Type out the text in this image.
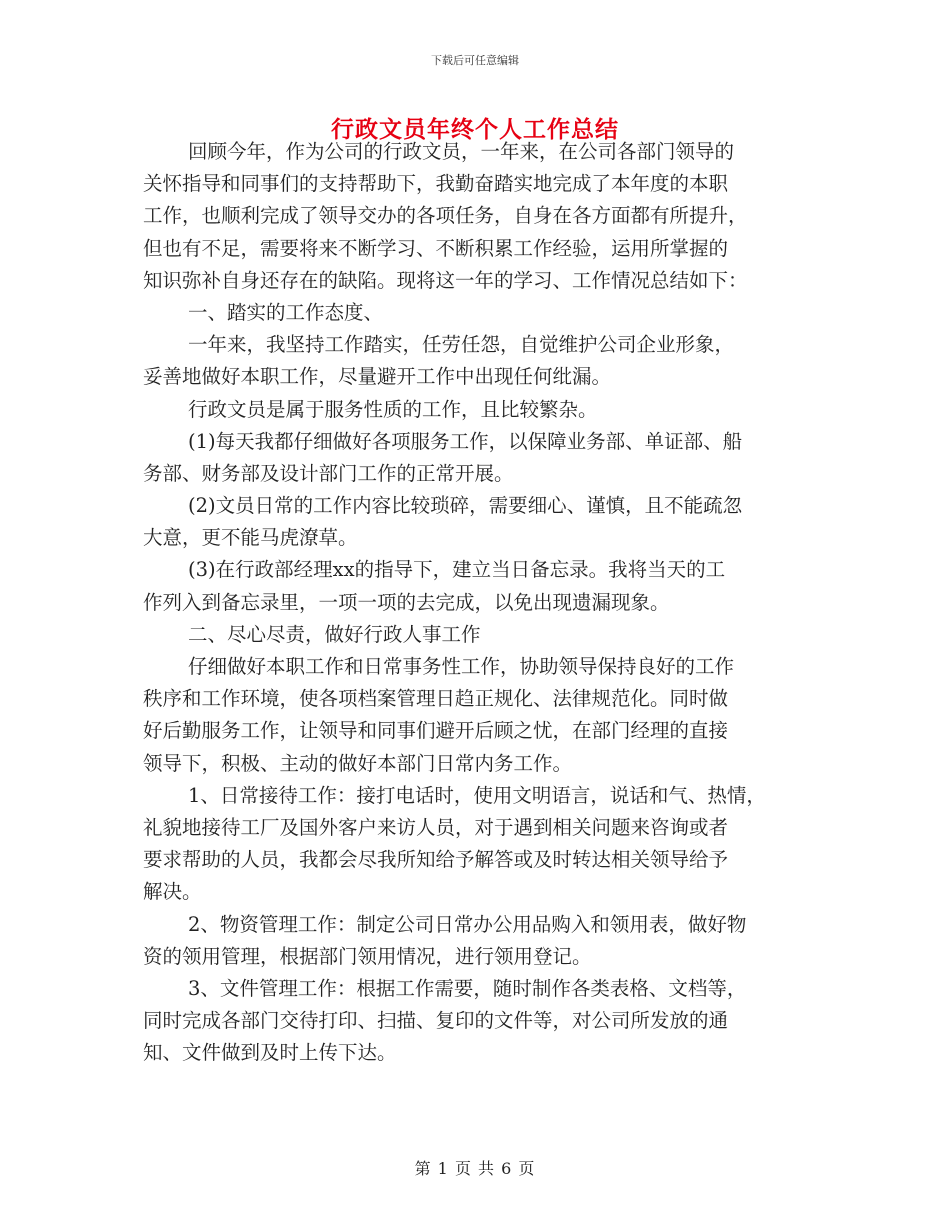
下载后可任意编辑
行政文员年终个人工作总结
回顾今年，作为公司的行政文员，一年来，在公司各部门领导的
关怀指导和同事们的支持帮助下，我勤奋踏实地完成了本年度的本职
工作，也顺利完成了领导交办的各项任务，自身在各方面都有所提升，
但也有不足，需要将来不断学习、不断积累工作经验，运用所掌握的
知识弥补自身还存在的缺陷。现将这一年的学习、工作情况总结如下：
一、踏实的工作态度、
一年来，我坚持工作踏实，任劳任怨，自觉维护公司企业形象，
妥善地做好本职工作，尽量避开工作中出现任何纰漏。
行政文员是属于服务性质的工作，且比较繁杂。
(1)每天我都仔细做好各项服务工作，以保障业务部、单证部、船
务部、财务部及设计部门工作的正常开展。
(2)文员日常的工作内容比较琐碎，需要细心、谨慎，且不能疏忽
大意，更不能马虎潦草。
(3)在行政部经理xx的指导下，建立当日备忘录。我将当天的工
作列入到备忘录里，一项一项的去完成，以免出现遗漏现象。
二、尽心尽责，做好行政人事工作
仔细做好本职工作和日常事务性工作，协助领导保持良好的工作
秩序和工作环境，使各项档案管理日趋正规化、法律规范化。同时做
好后勤服务工作，让领导和同事们避开后顾之忧，在部门经理的直接
领导下，积极、主动的做好本部门日常内务工作。
1、日常接待工作：接打电话时，使用文明语言，说话和气、热情，
礼貌地接待工厂及国外客户来访人员，对于遇到相关问题来咨询或者
要求帮助的人员，我都会尽我所知给予解答或及时转达相关领导给予
解决。
2、物资管理工作：制定公司日常办公用品购入和领用表，做好物
资的领用管理，根据部门领用情况，进行领用登记。
3、文件管理工作：根据工作需要，随时制作各类表格、文档等，
同时完成各部门交待打印、扫描、复印的文件等，对公司所发放的通
知、文件做到及时上传下达。
第 1 页 共 6 页
